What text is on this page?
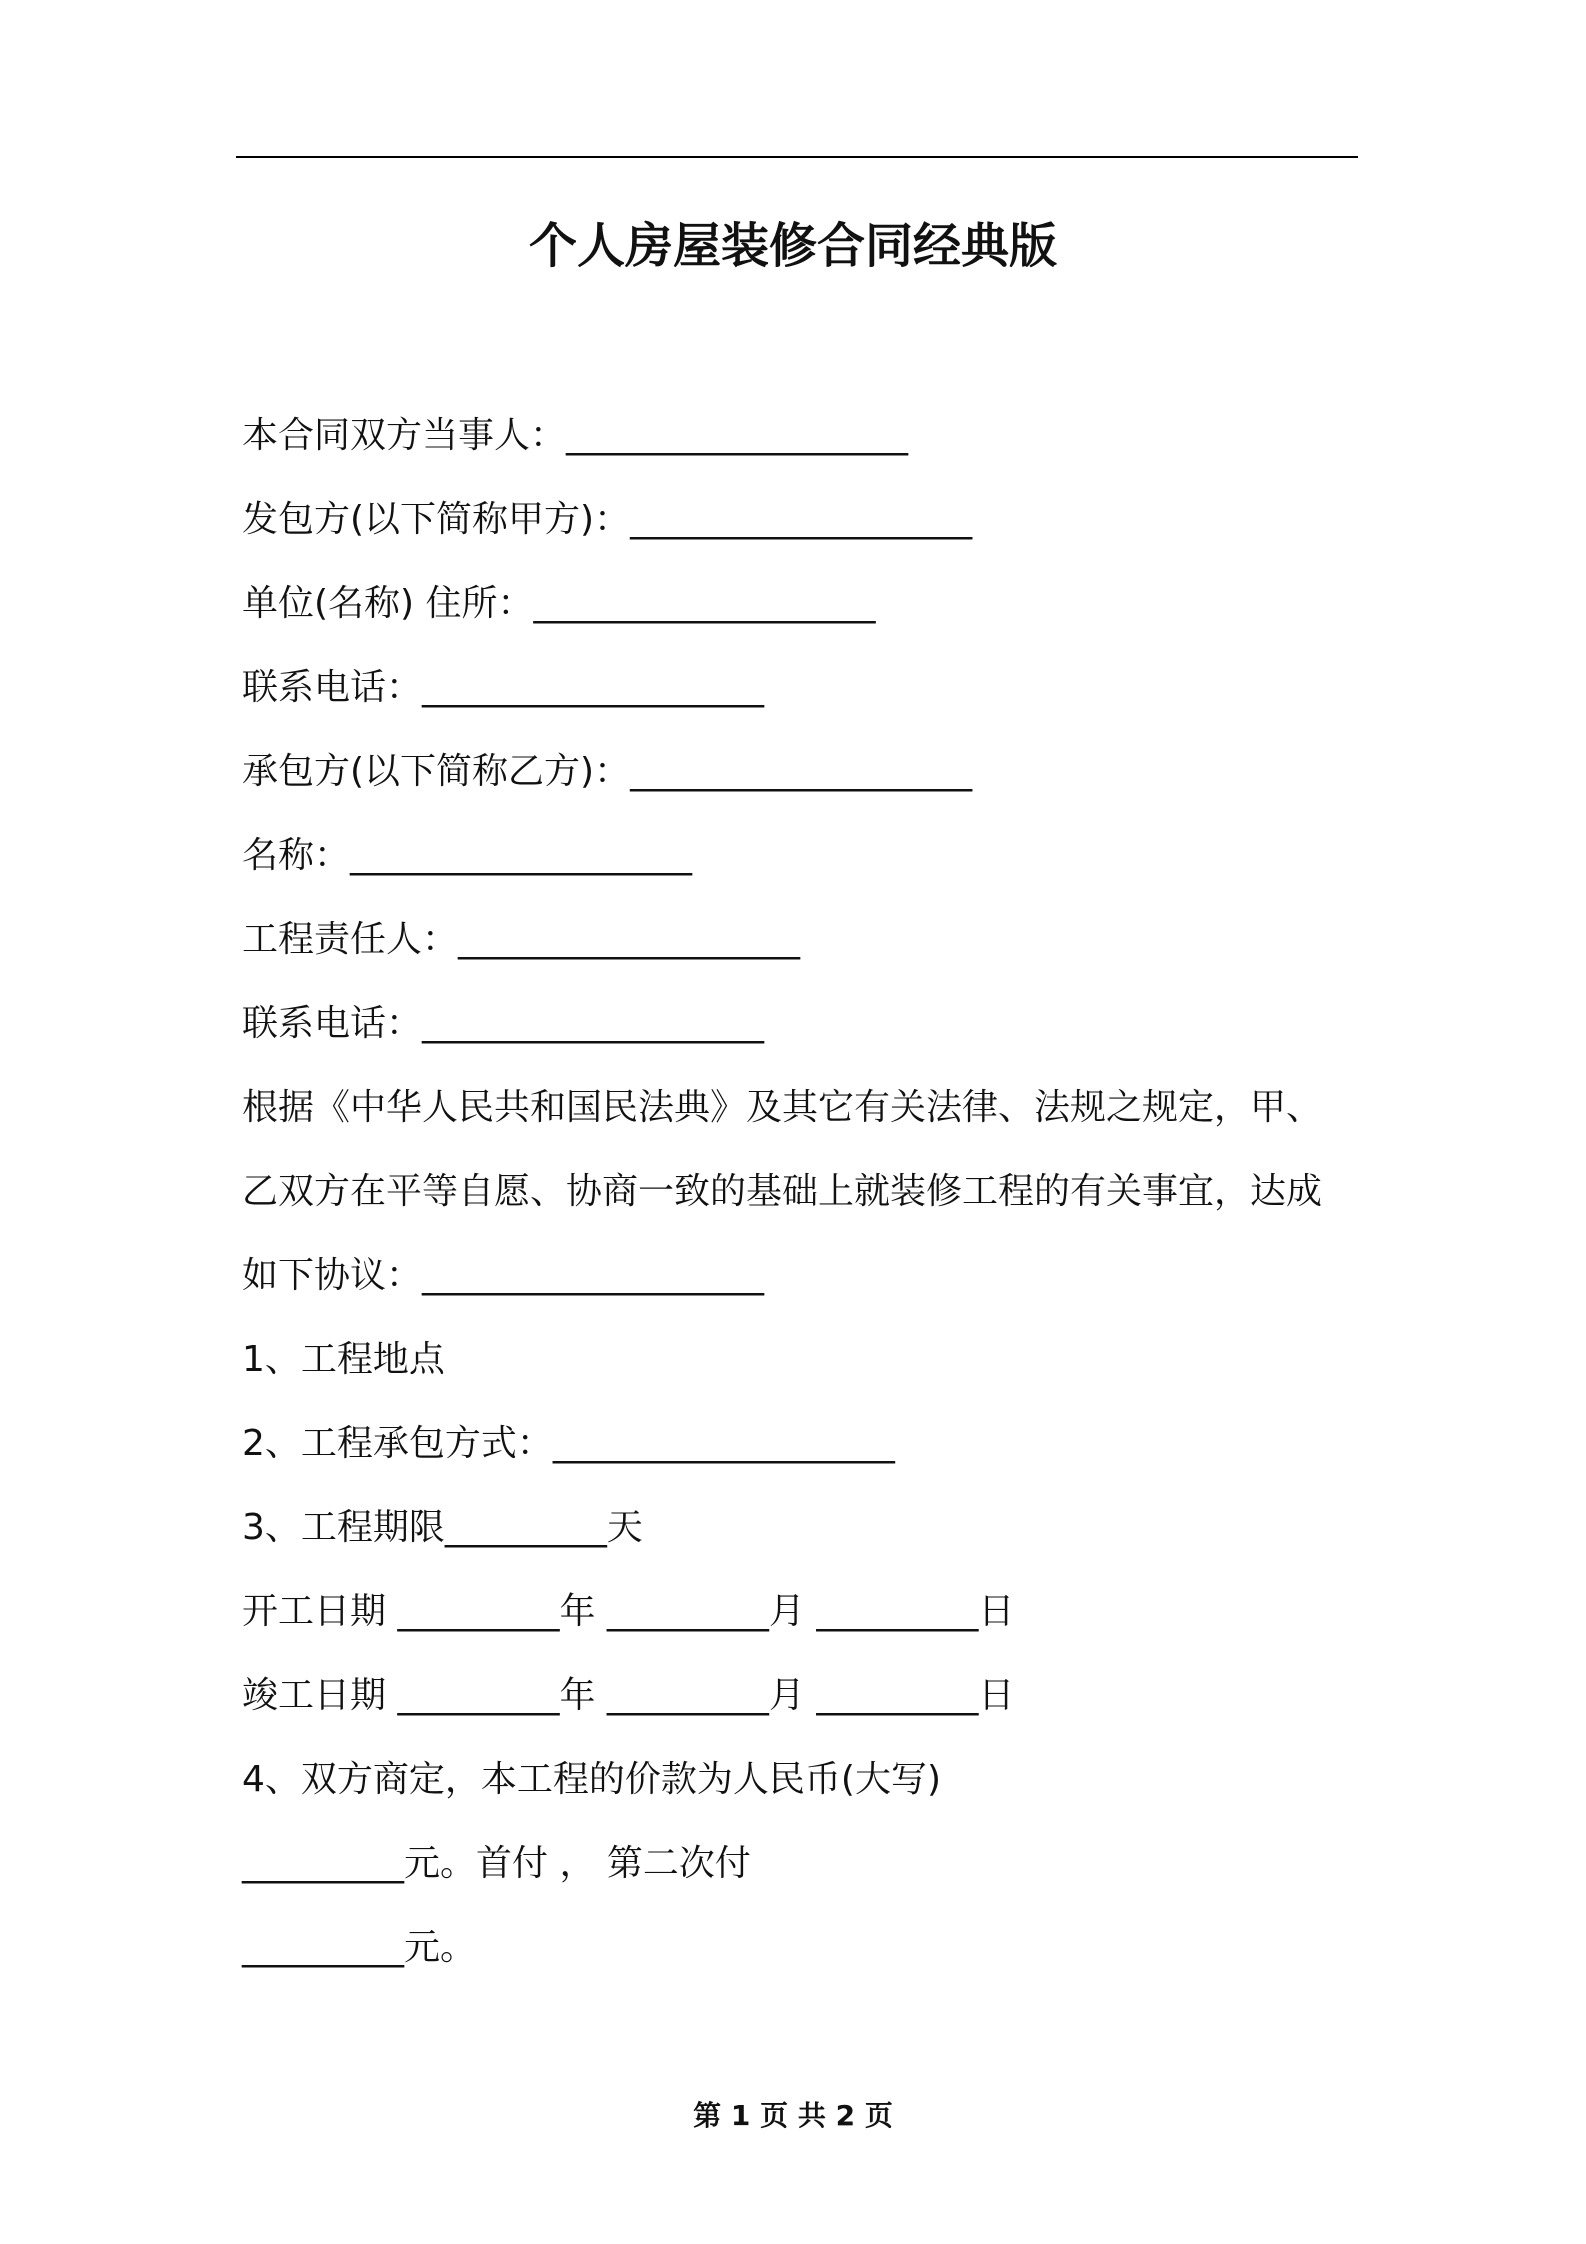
个人房屋装修合同经典版
本合同双方当事人：___________________
发包方(以下简称甲方)：___________________
单位(名称) 住所：___________________
联系电话：___________________
承包方(以下简称乙方)：___________________
名称：___________________
工程责任人：___________________
联系电话：___________________
根据《中华人民共和国民法典》及其它有关法律、法规之规定，甲、
乙双方在平等自愿、协商一致的基础上就装修工程的有关事宜，达成
如下协议：___________________
1、工程地点
2、工程承包方式：___________________
3、工程期限_________天
开工日期 _________年 _________月 _________日
竣工日期 _________年 _________月 _________日
4、双方商定，本工程的价款为人民币(大写)
_________元。首付 ， 第二次付
_________元。
第 1 页 共 2 页
